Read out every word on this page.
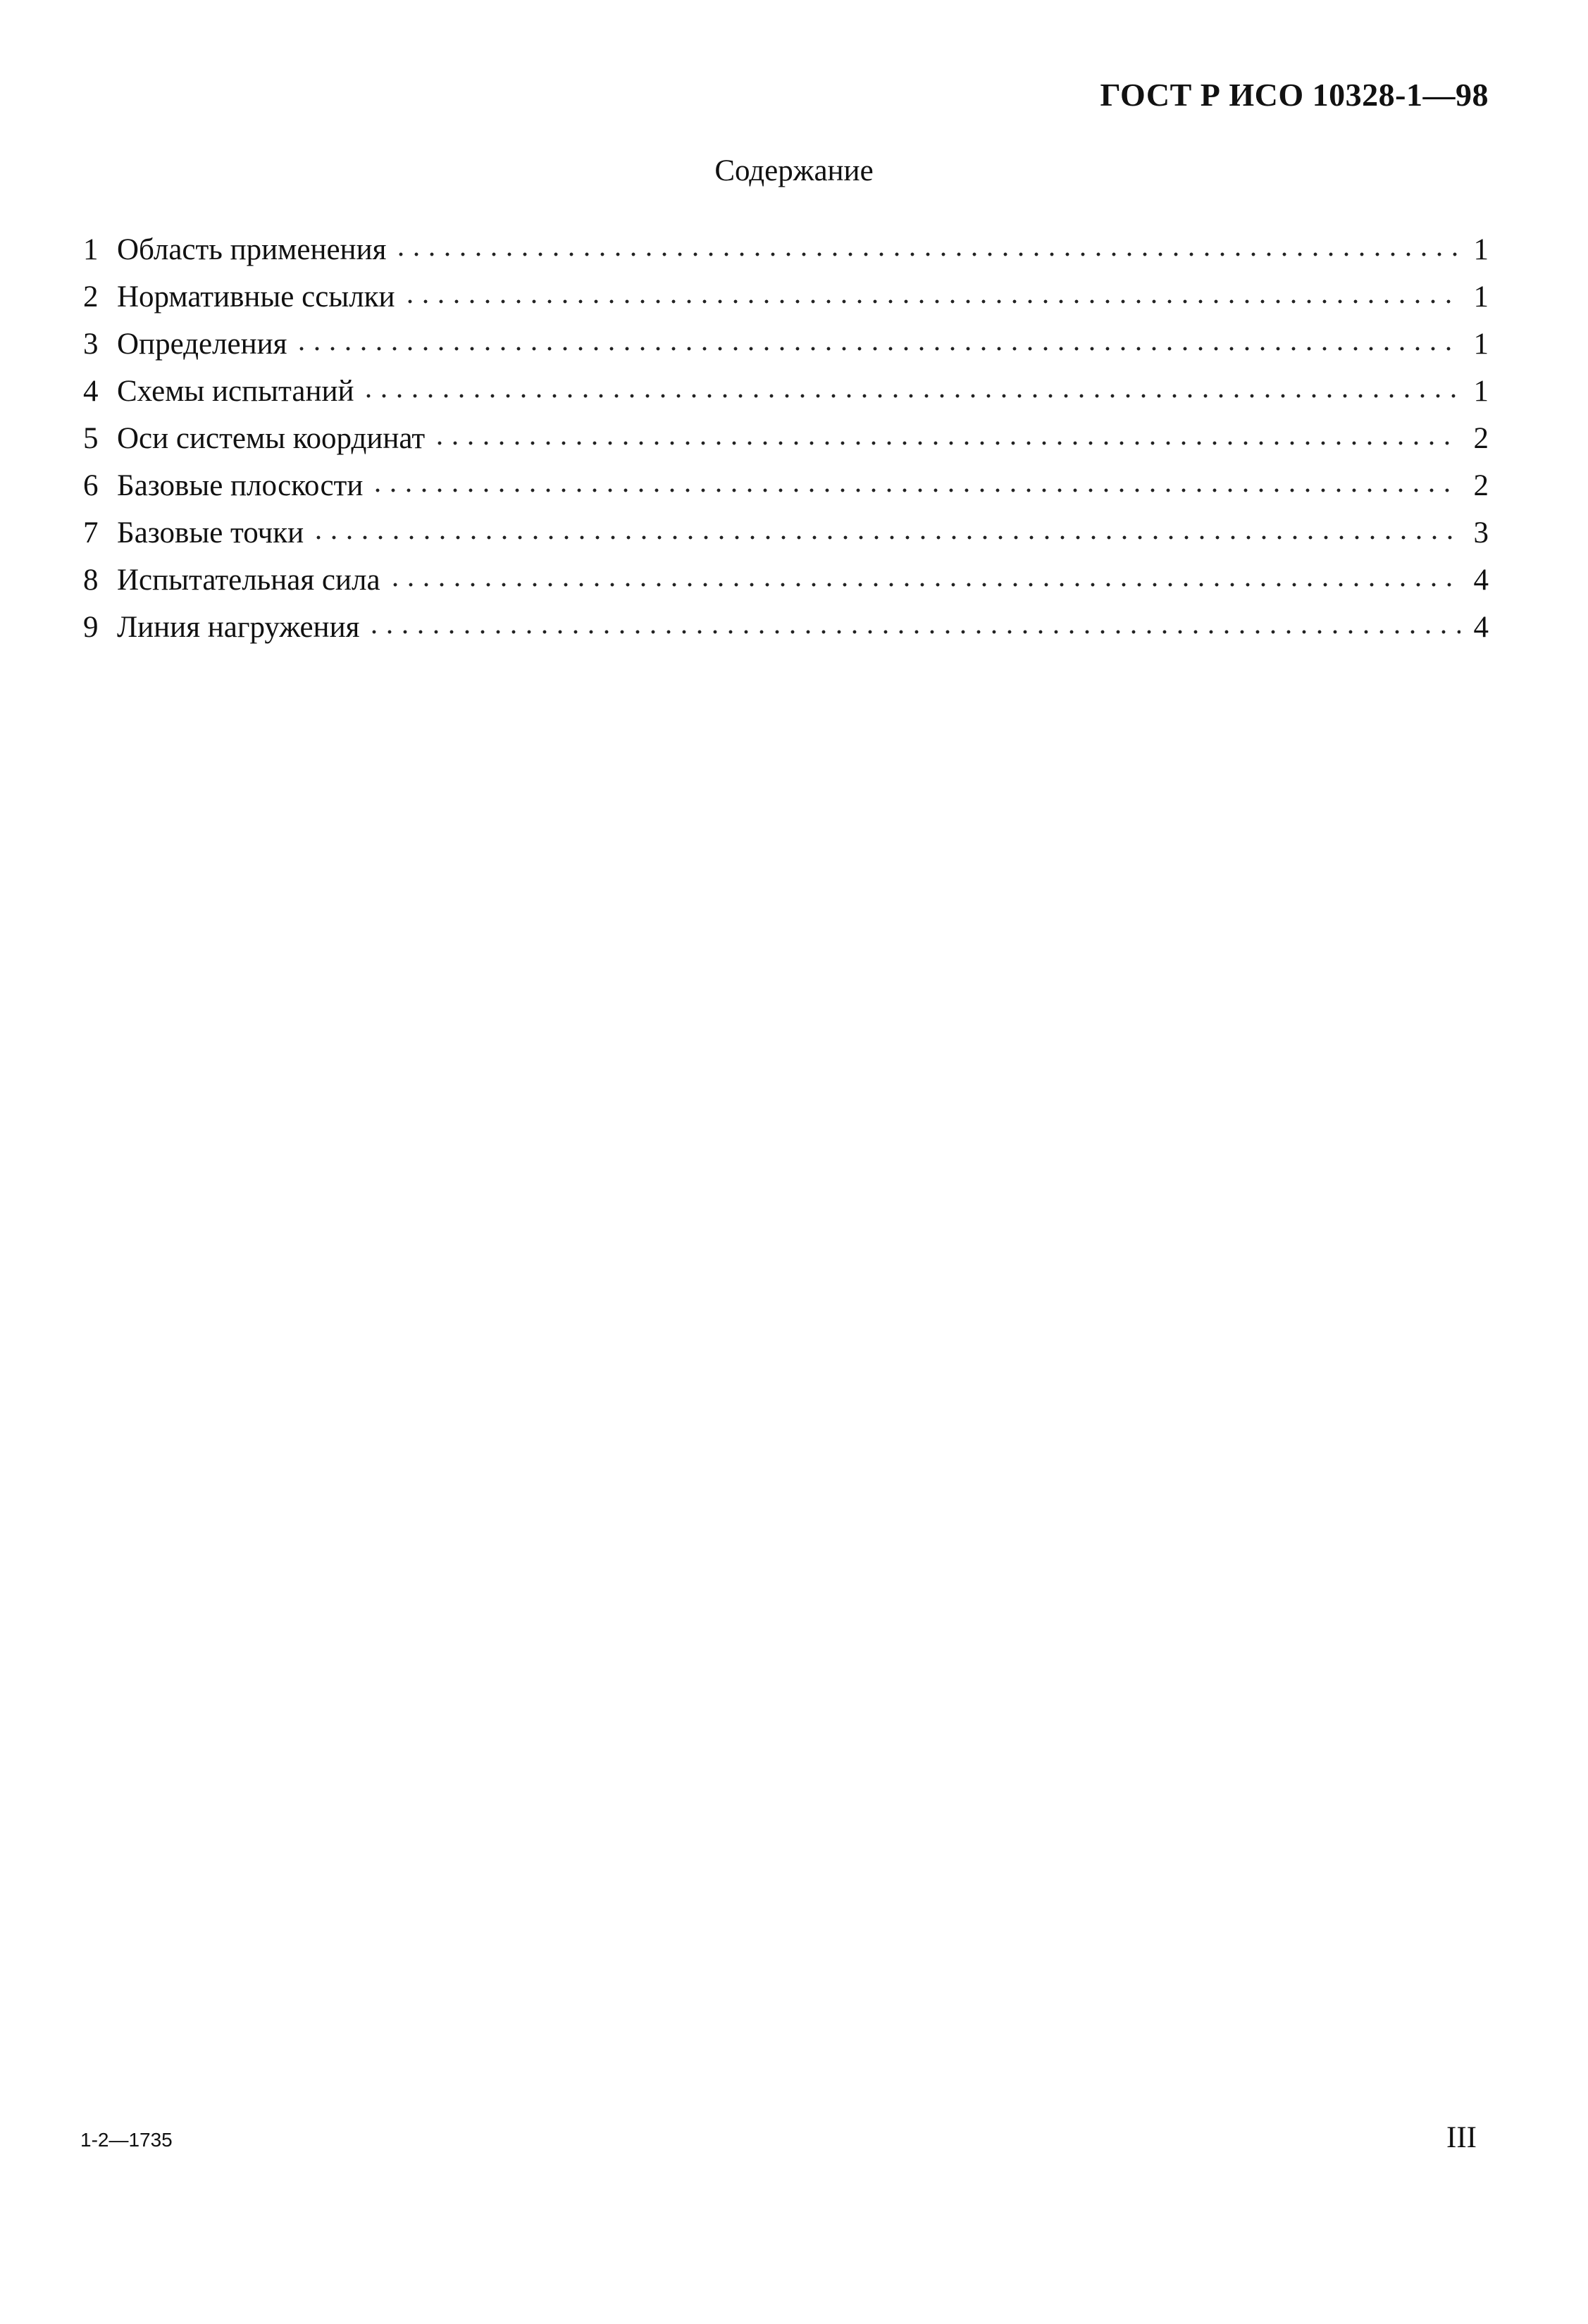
ГОСТ Р ИСО 10328-1—98
Содержание
1 Область применения	1
2 Нормативные ссылки	1
3 Определения	1
4 Схемы испытаний	1
5 Оси системы координат	2
6 Базовые плоскости	2
7 Базовые точки	3
8 Испытательная сила	4
9 Линия нагружения	4
1-2—1735	III
